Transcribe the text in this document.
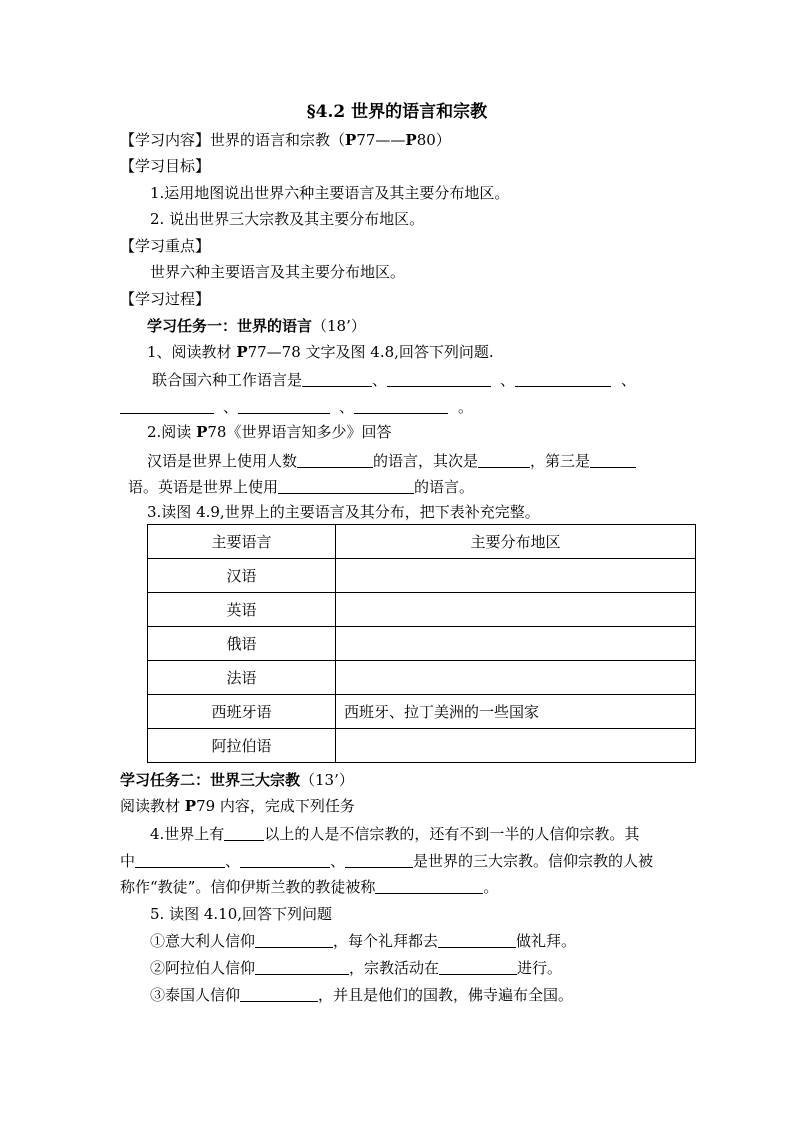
§4.2 世界的语言和宗教
【学习内容】世界的语言和宗教（P77——P80）
【学习目标】
1.运用地图说出世界六种主要语言及其主要分布地区。
2. 说出世界三大宗教及其主要分布地区。
【学习重点】
世界六种主要语言及其主要分布地区。
【学习过程】
学习任务一：世界的语言（18’）
1、阅读教材 P77—78 文字及图 4.8,回答下列问题.
联合国六种工作语言是	、	、	、
、	、	。
2.阅读 P78《世界语言知多少》回答
汉语是世界上使用人数	的语言，其次是	，第三是
语。英语是世界上使用	的语言。
3.读图 4.9,世界上的主要语言及其分布，把下表补充完整。
主要语言	主要分布地区
汉语	
英语	
俄语	
法语	
西班牙语	西班牙、拉丁美洲的一些国家
阿拉伯语	
学习任务二：世界三大宗教（13’）
阅读教材 P79 内容，完成下列任务
4.世界上有	以上的人是不信宗教的，还有不到一半的人信仰宗教。其
中	、	、	是世界的三大宗教。信仰宗教的人被
称作“教徒”。信仰伊斯兰教的教徒被称	。
5. 读图 4.10,回答下列问题
①意大利人信仰	，每个礼拜都去	做礼拜。
②阿拉伯人信仰	，宗教活动在	进行。
③泰国人信仰	，并且是他们的国教，佛寺遍布全国。
